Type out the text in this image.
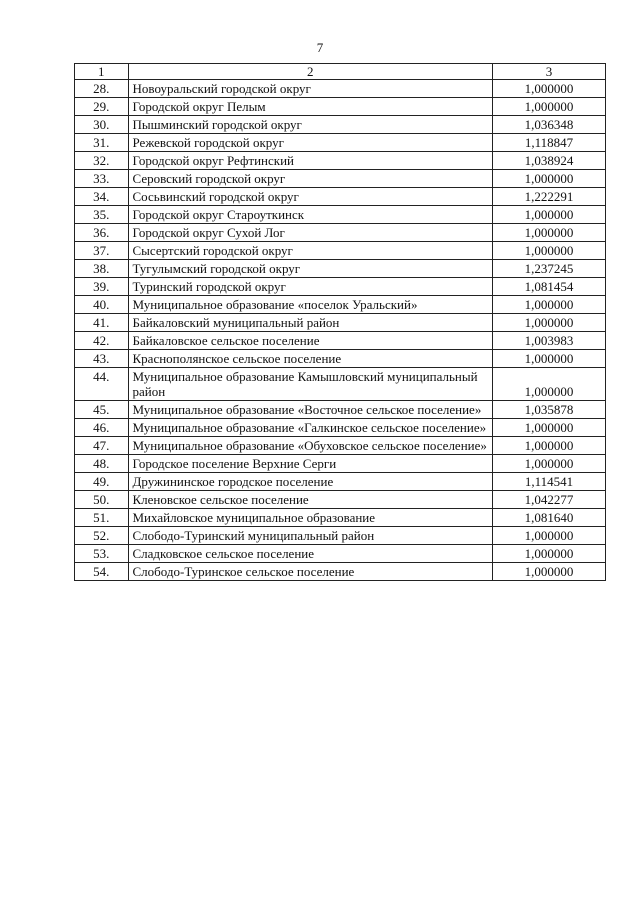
7
1	2	3
28.	Новоуральский городской округ	1,000000
29.	Городской округ Пелым	1,000000
30.	Пышминский городской округ	1,036348
31.	Режевской городской округ	1,118847
32.	Городской округ Рефтинский	1,038924
33.	Серовский городской округ	1,000000
34.	Сосьвинский городской округ	1,222291
35.	Городской округ Староуткинск	1,000000
36.	Городской округ Сухой Лог	1,000000
37.	Сысертский городской округ	1,000000
38.	Тугулымский городской округ	1,237245
39.	Туринский городской округ	1,081454
40.	Муниципальное образование «поселок Уральский»	1,000000
41.	Байкаловский муниципальный район	1,000000
42.	Байкаловское сельское поселение	1,003983
43.	Краснополянское сельское поселение	1,000000
44.	Муниципальное образование Камышловский муниципальный район	1,000000
45.	Муниципальное образование «Восточное сельское поселение»	1,035878
46.	Муниципальное образование «Галкинское сельское поселение»	1,000000
47.	Муниципальное образование «Обуховское сельское поселение»	1,000000
48.	Городское поселение Верхние Серги	1,000000
49.	Дружининское городское поселение	1,114541
50.	Кленовское сельское поселение	1,042277
51.	Михайловское муниципальное образование	1,081640
52.	Слободо-Туринский муниципальный район	1,000000
53.	Сладковское сельское поселение	1,000000
54.	Слободо-Туринское сельское поселение	1,000000
